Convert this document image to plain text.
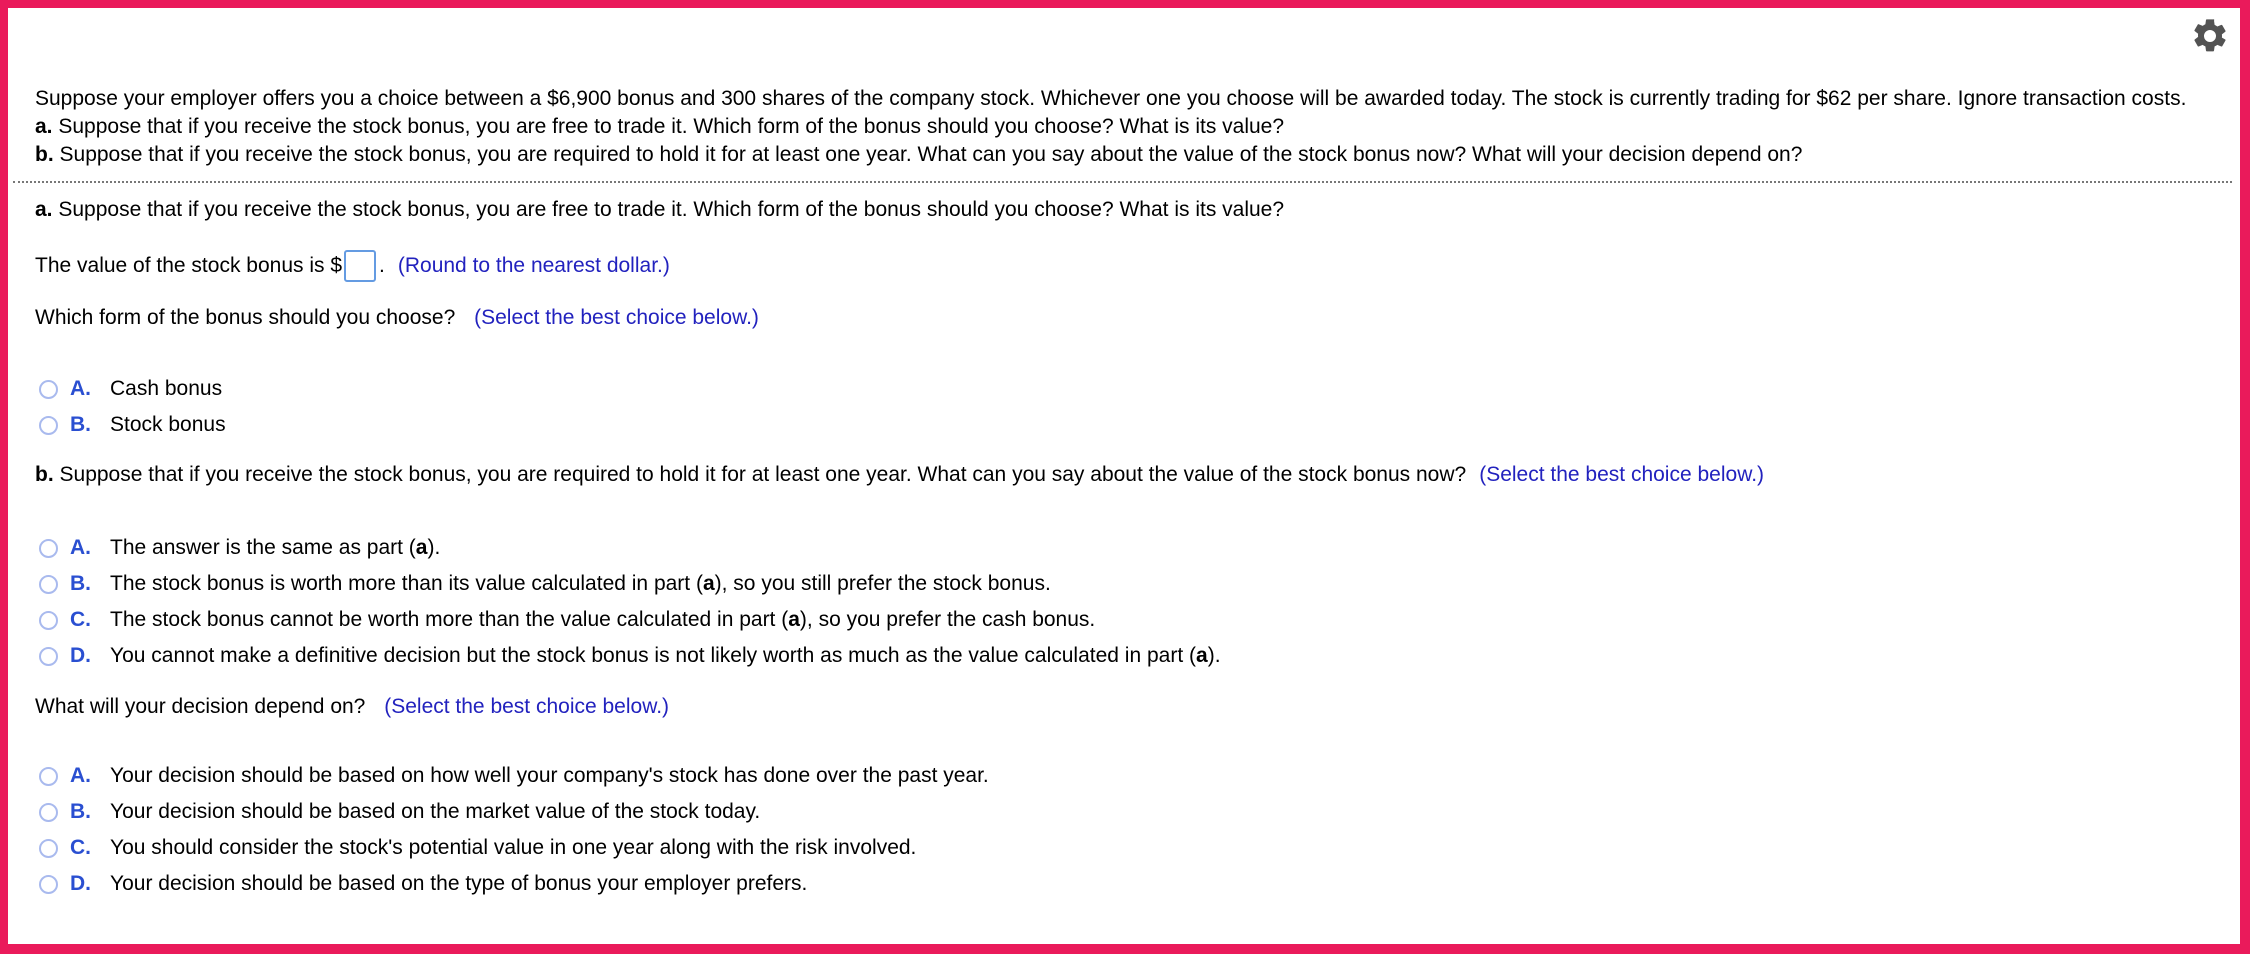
Suppose your employer offers you a choice between a $6,900 bonus and 300 shares of the company stock. Whichever one you choose will be awarded today. The stock is currently trading for $62 per share. Ignore transaction costs.

a. Suppose that if you receive the stock bonus, you are free to trade it. Which form of the bonus should you choose? What is its value?
b. Suppose that if you receive the stock bonus, you are required to hold it for at least one year. What can you say about the value of the stock bonus now? What will your decision depend on?
a. Suppose that if you receive the stock bonus, you are free to trade it. Which form of the bonus should you choose? What is its value?
The value of the stock bonus is $ . (Round to the nearest dollar.)
Which form of the bonus should you choose? (Select the best choice below.)
A. Cash bonus
B. Stock bonus
b. Suppose that if you receive the stock bonus, you are required to hold it for at least one year. What can you say about the value of the stock bonus now? (Select the best choice below.)
A. The answer is the same as part (a).
B. The stock bonus is worth more than its value calculated in part (a), so you still prefer the stock bonus.
C. The stock bonus cannot be worth more than the value calculated in part (a), so you prefer the cash bonus.
D. You cannot make a definitive decision but the stock bonus is not likely worth as much as the value calculated in part (a).
What will your decision depend on? (Select the best choice below.)
A. Your decision should be based on how well your company's stock has done over the past year.
B. Your decision should be based on the market value of the stock today.
C. You should consider the stock's potential value in one year along with the risk involved.
D. Your decision should be based on the type of bonus your employer prefers.
